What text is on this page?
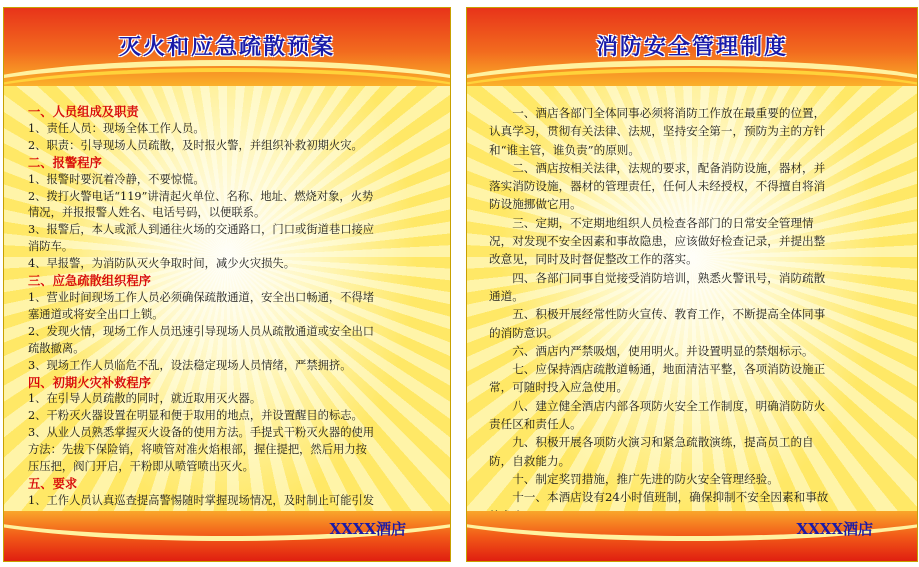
灭火和应急疏散预案
一、人员组成及职责
1、责任人员：现场全体工作人员。
2、职责：引导现场人员疏散，及时报火警，并组织补救初期火灾。
二、报警程序
1、报警时要沉着冷静，不要惊慌。
2、拨打火警电话“119”讲清起火单位、名称、地址、燃烧对象，火势
情况，并报报警人姓名、电话号码，以便联系。
3、报警后，本人或派人到通往火场的交通路口，门口或街道巷口接应
消防车。
4、早报警，为消防队灭火争取时间，减少火灾损失。
三、应急疏散组织程序
1、营业时间现场工作人员必须确保疏散通道，安全出口畅通，不得堵
塞通道或将安全出口上锁。
2、发现火情，现场工作人员迅速引导现场人员从疏散通道或安全出口
疏散撤离。
3、现场工作人员临危不乱，设法稳定现场人员情绪，严禁拥挤。
四、初期火灾补救程序
1、在引导人员疏散的同时，就近取用灭火器。
2、干粉灭火器设置在明显和便于取用的地点，并设置醒目的标志。
3、从业人员熟悉掌握灭火设备的使用方法。手提式干粉灭火器的使用
方法：先拔下保险销，将喷管对准火焰根部，握住提把，然后用力按
压压把，阀门开启，干粉即从喷管喷出灭火。
五、要求
1、工作人员认真巡查提高警惕随时掌握现场情况，及时制止可能引发
XXXX酒店
消防安全管理制度
一、酒店各部门全体同事必须将消防工作放在最重要的位置，
认真学习，贯彻有关法律、法规，坚持安全第一，预防为主的方针
和“谁主管，谁负责”的原则。
二、酒店按相关法律，法规的要求，配备消防设施，器材，并
落实消防设施，器材的管理责任，任何人未经授权，不得擅自将消
防设施挪做它用。
三、定期，不定期地组织人员检查各部门的日常安全管理情
况，对发现不安全因素和事故隐患，应该做好检查记录，并提出整
改意见，同时及时督促整改工作的落实。
四、各部门同事自觉接受消防培训，熟悉火警讯号，消防疏散
通道。
五、积极开展经常性防火宣传、教育工作，不断提高全体同事
的消防意识。
六、酒店内严禁吸烟，使用明火。并设置明显的禁烟标示。
七、应保持酒店疏散道畅通，地面清洁平整，各项消防设施正
常，可随时投入应急使用。
八、建立健全酒店内部各项防火安全工作制度，明确消防防火
责任区和责任人。
九、积极开展各项防火演习和紧急疏散演练，提高员工的自
防，自救能力。
十、制定奖罚措施，推广先进的防火安全管理经验。
十一、本酒店设有24小时值班制，确保抑制不安全因素和事故
XXXX酒店
